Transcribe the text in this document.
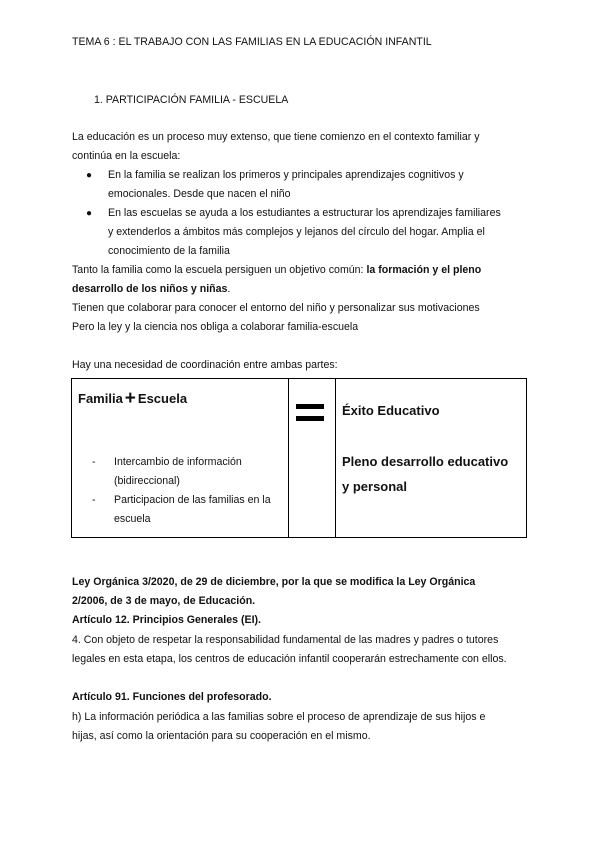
TEMA 6 : EL TRABAJO CON LAS FAMILIAS EN LA EDUCACIÓN INFANTIL
1. PARTICIPACIÓN FAMILIA - ESCUELA
La educación es un proceso muy extenso, que tiene comienzo en el contexto familiar y
continúa en la escuela:
● En la familia se realizan los primeros y principales aprendizajes cognitivos y
emocionales. Desde que nacen el niño
● En las escuelas se ayuda a los estudiantes a estructurar los aprendizajes familiares
y extenderlos a ámbitos más complejos y lejanos del círculo del hogar. Amplia el
conocimiento de la familia
Tanto la familia como la escuela persiguen un objetivo común: la formación y el pleno
desarrollo de los niños y niñas.
Tienen que colaborar para conocer el entorno del niño y personalizar sus motivaciones
Pero la ley y la ciencia nos obliga a colaborar familia-escuela
Hay una necesidad de coordinación entre ambas partes:
Familia + Escuela
- Intercambio de información
(bidireccional)
- Participacion de las familias en la
escuela

Éxito Educativo
Pleno desarrollo educativo
y personal
Ley Orgánica 3/2020, de 29 de diciembre, por la que se modifica la Ley Orgánica
2/2006, de 3 de mayo, de Educación.
Artículo 12. Principios Generales (EI).
4. Con objeto de respetar la responsabilidad fundamental de las madres y padres o tutores
legales en esta etapa, los centros de educación infantil cooperarán estrechamente con ellos.
Artículo 91. Funciones del profesorado.
h) La información periódica a las familias sobre el proceso de aprendizaje de sus hijos e
hijas, así como la orientación para su cooperación en el mismo.
